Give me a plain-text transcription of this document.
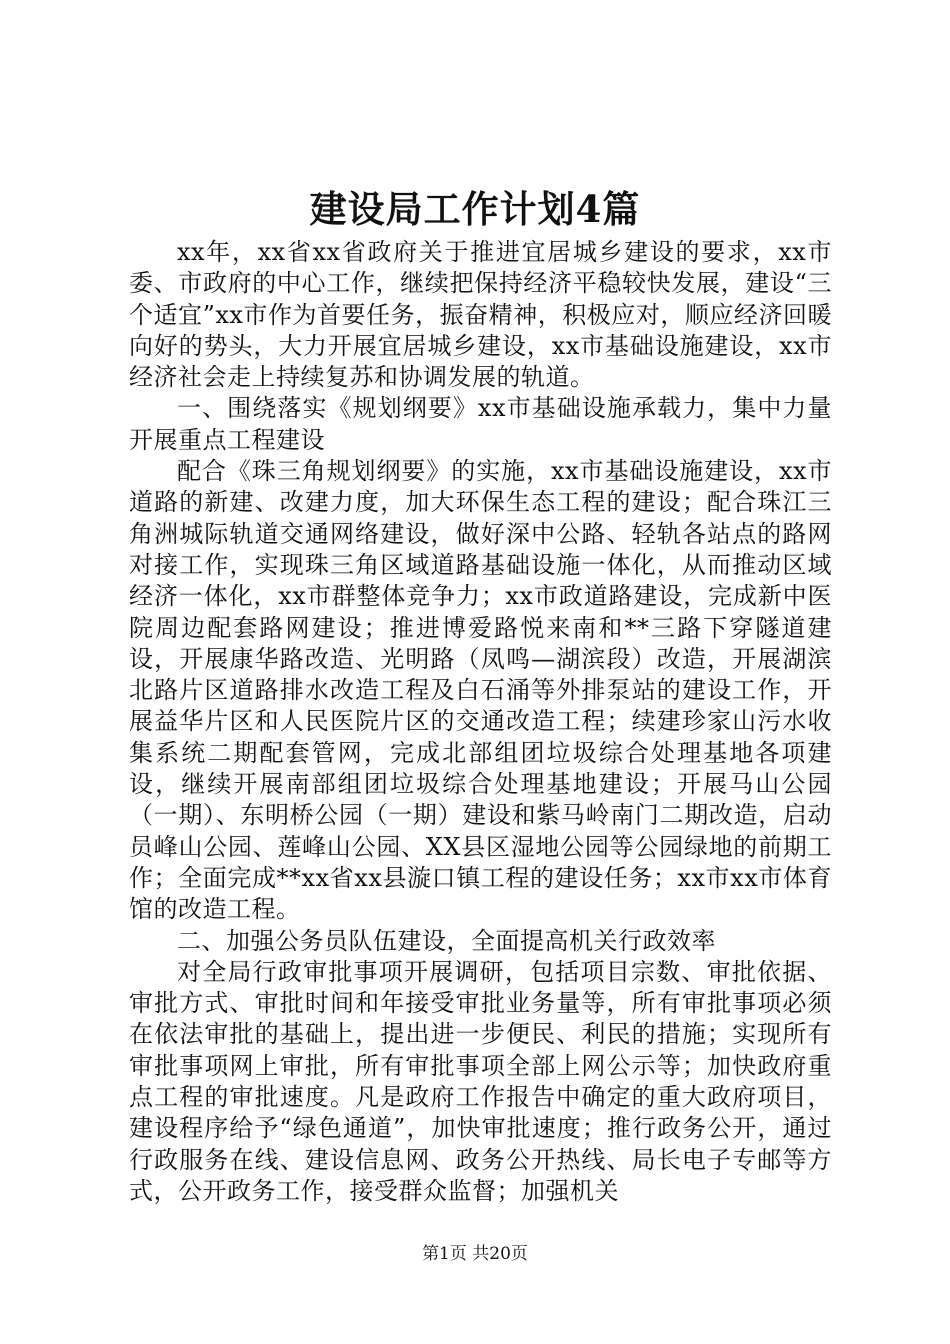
建设局工作计划4篇

xx年，xx省xx省政府关于推进宜居城乡建设的要求，xx市委、市政府的中心工作，继续把保持经济平稳较快发展，建设“三个适宜”xx市作为首要任务，振奋精神，积极应对，顺应经济回暖向好的势头，大力开展宜居城乡建设，xx市基础设施建设，xx市经济社会走上持续复苏和协调发展的轨道。

一、围绕落实《规划纲要》xx市基础设施承载力，集中力量开展重点工程建设

配合《珠三角规划纲要》的实施，xx市基础设施建设，xx市道路的新建、改建力度，加大环保生态工程的建设；配合珠江三角洲城际轨道交通网络建设，做好深中公路、轻轨各站点的路网对接工作，实现珠三角区域道路基础设施一体化，从而推动区域经济一体化，xx市群整体竞争力；xx市政道路建设，完成新中医院周边配套路网建设；推进博爱路悦来南和**三路下穿隧道建设，开展康华路改造、光明路（凤鸣—湖滨段）改造，开展湖滨北路片区道路排水改造工程及白石涌等外排泵站的建设工作，开展益华片区和人民医院片区的交通改造工程；续建珍家山污水收集系统二期配套管网，完成北部组团垃圾综合处理基地各项建设，继续开展南部组团垃圾综合处理基地建设；开展马山公园（一期）、东明桥公园（一期）建设和紫马岭南门二期改造，启动员峰山公园、莲峰山公园、XX县区湿地公园等公园绿地的前期工作；全面完成**xx省xx县漩口镇工程的建设任务；xx市xx市体育馆的改造工程。

二、加强公务员队伍建设，全面提高机关行政效率

对全局行政审批事项开展调研，包括项目宗数、审批依据、审批方式、审批时间和年接受审批业务量等，所有审批事项必须在依法审批的基础上，提出进一步便民、利民的措施；实现所有审批事项网上审批，所有审批事项全部上网公示等；加快政府重点工程的审批速度。凡是政府工作报告中确定的重大政府项目，建设程序给予“绿色通道”，加快审批速度；推行政务公开，通过行政服务在线、建设信息网、政务公开热线、局长电子专邮等方式，公开政务工作，接受群众监督；加强机关

第1页 共20页
